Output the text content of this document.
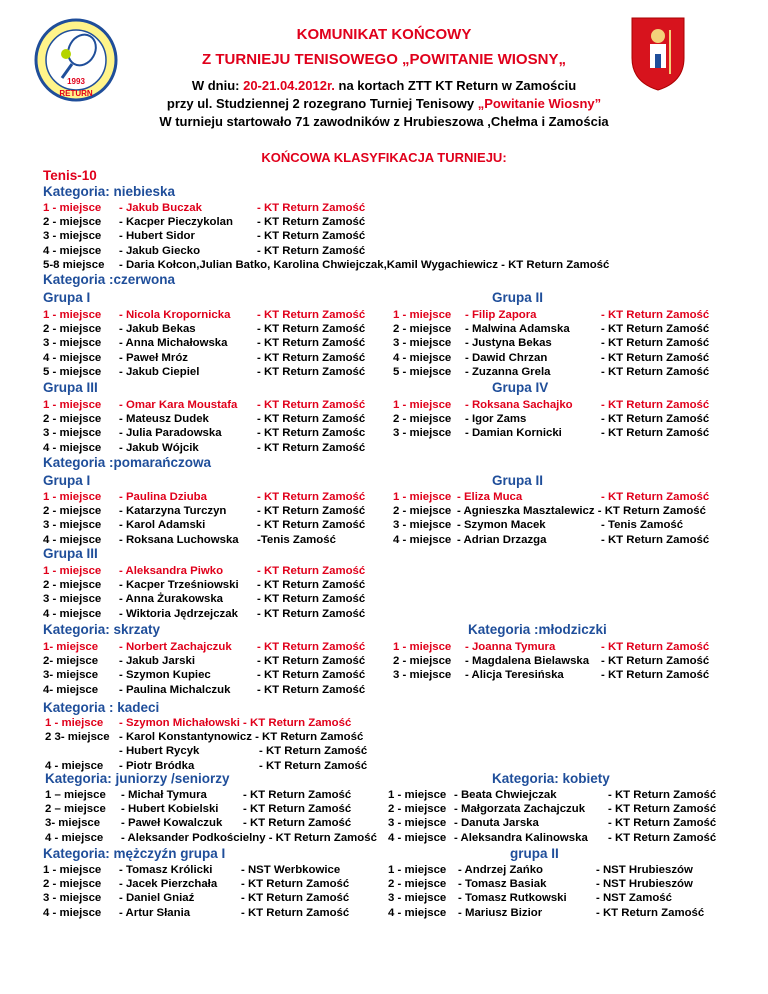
1993
RETURN
KOMUNIKAT KOŃCOWY
Z TURNIEJU TENISOWEGO „POWITANIE WIOSNY„
W dniu: 20-21.04.2012r. na kortach ZTT KT Return w Zamościu
przy ul. Studziennej 2 rozegrano Turniej Tenisowy „Powitanie Wiosny”
W turnieju startowało 71 zawodników z Hrubieszowa ,Chełma i Zamościa
KOŃCOWA KLASYFIKACJA TURNIEJU:
Tenis-10
Kategoria: niebieska
Kategoria :czerwona
Grupa I	Grupa II
Grupa III	Grupa IV
Kategoria :pomarańczowa
Grupa I	Grupa II
Grupa III
Kategoria: skrzaty	Kategoria :młodziczki
Kategoria : kadeci
Kategoria: juniorzy /seniorzy	Kategoria: kobiety
Kategoria: mężczyźn grupa I	grupa II
1 - miejsce - Jakub Buczak	- KT Return Zamość
2 - miejsce - Kacper Pieczykolan - KT Return Zamość
3 - miejsce - Hubert Sidor	- KT Return Zamość
4 - miejsce - Jakub Giecko	- KT Return Zamość
5-8 miejsce - Daria Kołcon,Julian Batko, Karolina Chwiejczak,Kamil Wygachiewicz - KT Return Zamość
1 - miejsce - Nicola Kropornicka - KT Return Zamość
2 - miejsce - Jakub Bekas	- KT Return Zamość
3 - miejsce - Anna Michałowska	- KT Return Zamość
4 - miejsce - Paweł Mróz	- KT Return Zamość
5 - miejsce - Jakub Ciepiel	- KT Return Zamość
1 - miejsce - Filip Zapora	- KT Return Zamość
2 - miejsce - Malwina Adamska	- KT Return Zamość
3 - miejsce - Justyna Bekas	- KT Return Zamość
4 - miejsce - Dawid Chrzan	- KT Return Zamość
5 - miejsce - Zuzanna Grela	- KT Return Zamość
1 - miejsce - Omar Kara Moustafa - KT Return Zamość
2 - miejsce - Mateusz Dudek	- KT Return Zamość
3 - miejsce - Julia Paradowska	- KT Return Zamośc
4 - miejsce - Jakub Wójcik	- KT Return Zamość
1 - miejsce - Roksana Sachajko - KT Return Zamość
2 - miejsce - Igor Zams	- KT Return Zamość
3 - miejsce - Damian Kornicki	- KT Return Zamość
1 - miejsce - Paulina Dziuba	- KT Return Zamość
2 - miejsce - Katarzyna Turczyn	- KT Return Zamość
3 - miejsce - Karol Adamski	- KT Return Zamość
4 - miejsce - Roksana Luchowska -Tenis Zamość
1 - miejsce - Eliza Muca	- KT Return Zamość
2 - miejsce - Agnieszka Masztalewicz - KT Return Zamość
3 - miejsce - Szymon Macek	- Tenis Zamość
4 - miejsce - Adrian Drzazga	- KT Return Zamość
1 - miejsce - Aleksandra Piwko	- KT Return Zamość
2 - miejsce - Kacper Trześniowski - KT Return Zamość
3 - miejsce - Anna Żurakowska	- KT Return Zamość
4 - miejsce - Wiktoria Jędrzejczak - KT Return Zamość
1- miejsce - Norbert Zachajczuk - KT Return Zamość
2- miejsce - Jakub Jarski	- KT Return Zamość
3- miejsce - Szymon Kupiec	- KT Return Zamość
4- miejsce - Paulina Michalczuk - KT Return Zamość
1 - miejsce - Joanna Tymura	- KT Return Zamość
2 - miejsce - Magdalena Bielawska - KT Return Zamość
3 - miejsce - Alicja Teresińska	- KT Return Zamość
1 - miejsce - Szymon Michałowski - KT Return Zamość
2 3- miejsce - Karol Konstantynowicz - KT Return Zamość
- Hubert Rycyk	- KT Return Zamość
4 - miejsce - Piotr Bródka	- KT Return Zamość
1 – miejsce - Michał Tymura	- KT Return Zamość
2 – miejsce - Hubert Kobielski - KT Return Zamość
3- miejsce - Paweł Kowalczuk - KT Return Zamość
4 - miejsce - Aleksander Podkościelny - KT Return Zamość
1 - miejsce - Beata Chwiejczak	- KT Return Zamość
2 - miejsce - Małgorzata Zachajczuk - KT Return Zamość
3 - miejsce - Danuta Jarska	- KT Return Zamość
4 - miejsce - Aleksandra Kalinowska - KT Return Zamość
1 - miejsce - Tomasz Królicki	- NST Werbkowice
2 - miejsce - Jacek Pierzchała - KT Return Zamość
3 - miejsce - Daniel Gniaź	- KT Return Zamość
4 - miejsce - Artur Słania	- KT Return Zamość
1 - miejsce - Andrzej Zańko	- NST Hrubieszów
2 - miejsce - Tomasz Basiak	- NST Hrubieszów
3 - miejsce - Tomasz Rutkowski	- NST Zamość
4 - miejsce - Mariusz Bizior	- KT Return Zamość
